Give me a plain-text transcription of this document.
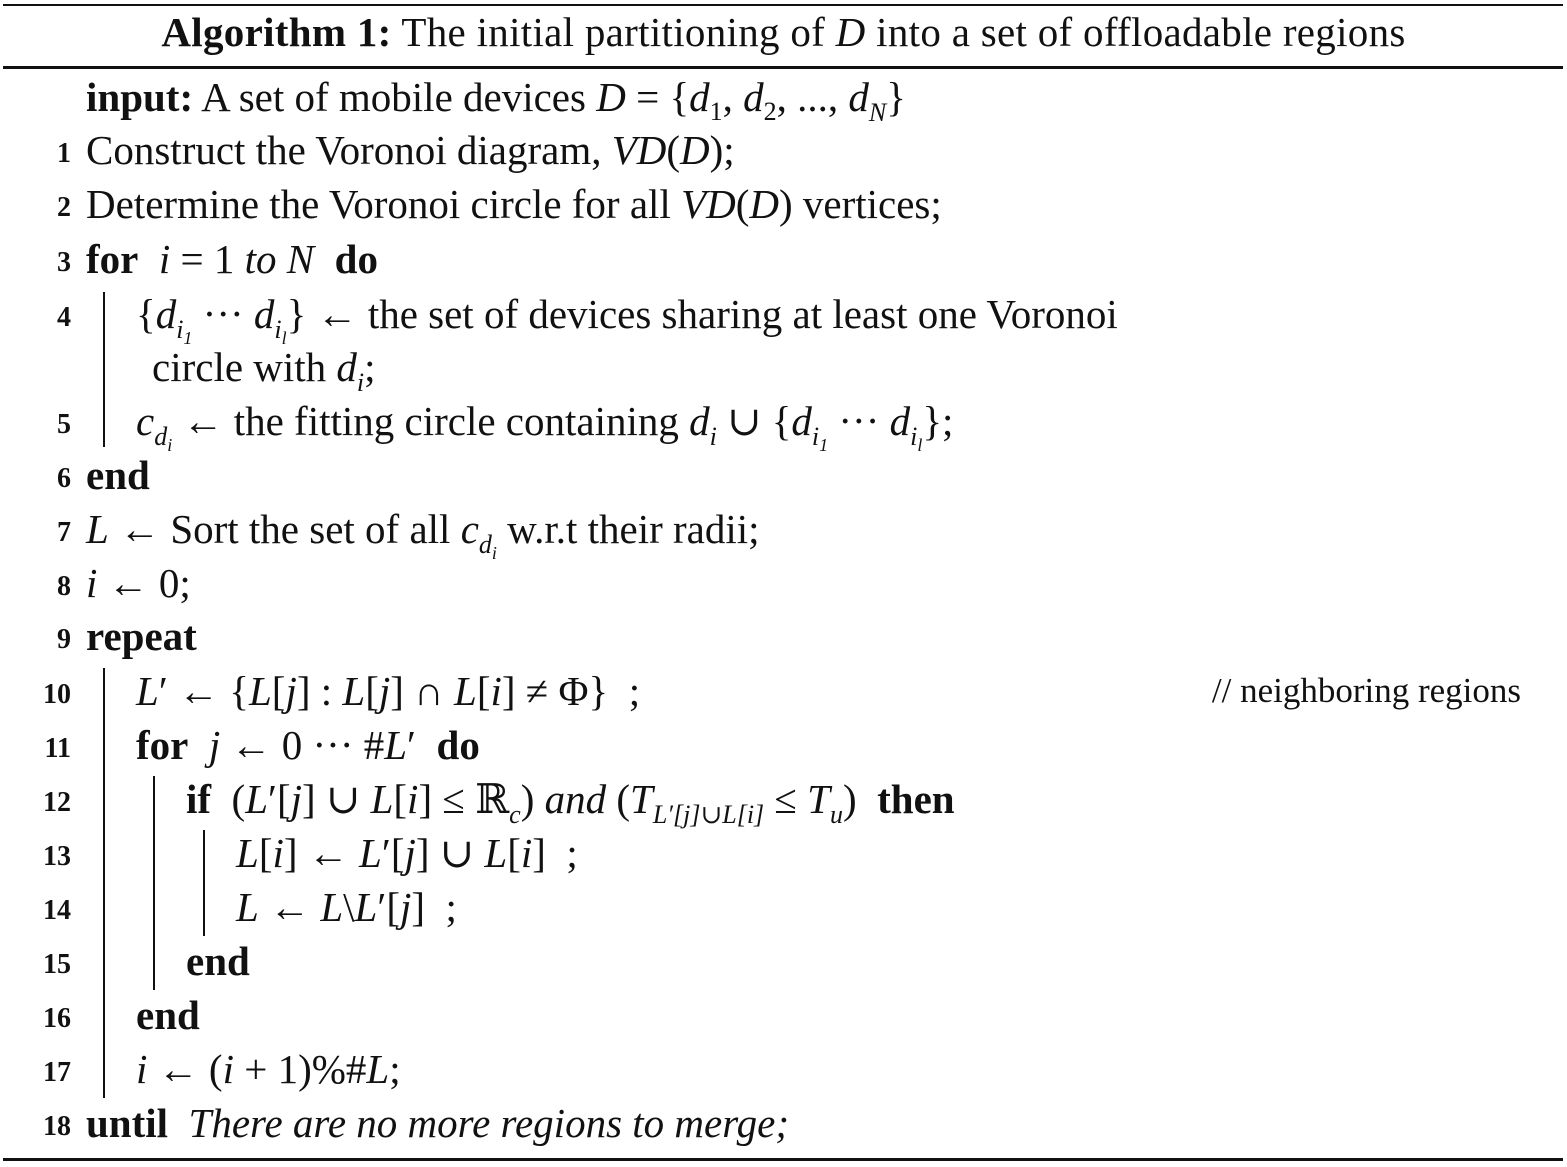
Algorithm 1: The initial partitioning of D into a set of offloadable regions
input: A set of mobile devices $D = \{d_1$, $d_2$, ..., $d_N$}
1 Construct the Voronoi diagram, VD(D);
2 Determine the Voronoi circle for all VD(D) vertices;
3 for i = 1 to N do
4 {$d_{i_1}$ ··· $d_{i_l}$} ← the set of devices sharing at least one Voronoi
circle with $d_i$;
5 $c_{d_i}$ ← the fitting circle containing $d_i$ ∪ {$d_{i_1}$ ··· $d_{i_l}$};
6 end
7 L ← Sort the set of all $c_{d_i}$ w.r.t their radii;
8 i ← 0;
9 repeat
10 L′ ← {L[j] : L[j] ∩ L[i] ≠ Φ}  ;	// neighboring regions
11 for j ← 0 ··· #L′  do
12	if  (L′[j] ∪ L[i] ≤ ℝ$_c$) and $(T_{L'[j]\cup L[i]} \le T_u)$  then
13	L[i] ← L′[j] ∪ L[i]  ;
14	L ← L\L′[j]  ;
15	end
16 end
17 i ← (i + 1)%#L;
18 until There are no more regions to merge;
